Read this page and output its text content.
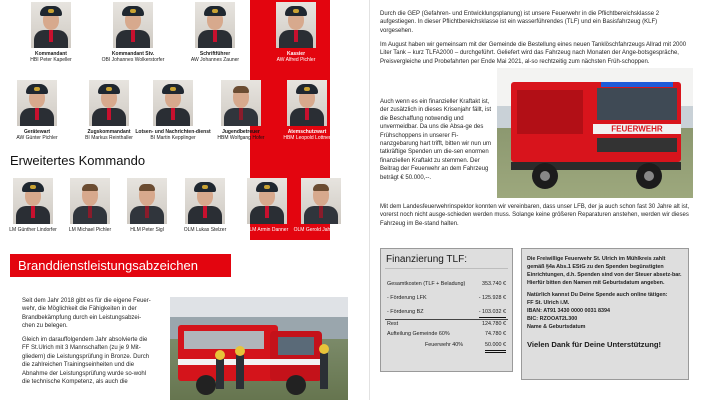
Kommandant
HBI Peter Kapeller
Kommandant Stv.
OBI Johannes Wolkerstorfer
Schriftführer
AW Johannes Zauner
Kassier
AW Alfred Pichler
Gerätewart
AW Günter Pichler
Zugskommandant
BI Markus Reinthaller
Lotsen- und Nachrichten-dienst
BI Martin Kepplinger
Jugendbetreuer
HBM Wolfgang Hofer
Atemschutzwart
HBM Leopold Lottner
Erweitertes Kommando
LM Günther Lindorfer	LM Michael Pichler	HLM Peter Sigl	OLM Lukas Stelzer	HLM Armin Danner	OLM Gerold Jahrlbacher
Branddienstleistungsabzeichen
Seit dem Jahr 2018 gibt es für die eigene Feuer-wehr, die Möglichkeit die Fähigkeiten in der Brandbekämpfung durch ein Leistungsabzei-chen zu belegen.
Gleich im darauffolgendem Jahr absolvierte die FF St.Ulrich mit 3 Mannschaften (zu je 9 Mit-gliedern) die Leistungsprüfung in Bronze. Durch die zahlreichen Trainingseinheiten und die Abnahme der Leistungsprüfung wurde so-wohl die technische Kompetenz, als auch die
Durch die GEP (Gefahren- und Entwicklungsplanung) ist unsere Feuerwehr in die Pflichtbereichsklasse 2 aufgestiegen. In dieser Pflichtbereichsklasse ist ein wasserführendes (TLF) und ein Basisfahrzeug (KLF) vorgesehen.
Im August haben wir gemeinsam mit der Gemeinde die Bestellung eines neuen Tanklöschfahrzeugs Allrad mit 2000 Liter Tank – kurz TLFA2000 – durchgeführt. Geliefert wird das Fahrzeug nach Monaten der Ange-botsgespräche, Preisvergleiche und Probefahrten per Ende Mai 2021, al-so rechtzeitig zum nächsten Früh-schoppen.
Auch wenn es ein finanzieller Kraftakt ist, der zusätzlich in dieses Krisenjahr fällt, ist die Beschaffung notwendig und unvermeidbar. Da uns die Absa-ge des Frühschoppens in unserer Fi-nanzgebarung hart trifft, bitten wir nun um tatkräftige Spenden um die-sen enormen finanziellen Kraftakt zu stemmen. Der Beitrag der Feuerwehr an dem Fahrzeug beträgt € 50.000,--.
Mit dem Landesfeuerwehrinspektor konnten wir vereinbaren, dass unser LFB, der ja auch schon fast 30 Jahre alt ist, vorerst noch nicht ausge-schieden werden muss. Solange keine größeren Reparaturen anstehen, werden wir dieses Fahrzeug im Be-stand halten.
FEUERWEHR
Finanzierung TLF:
Gesamtkosten (TLF + Beladung)	353.740 €
- Förderung LFK	- 125.928 €
- Förderung BZ	- 103.032 €
Rest	124.780 €
Aufteilung Gemeinde 60%	74.780 €
Feuerwehr 40%	50.000 €
Die Freiwillige Feuerwehr St. Ulrich im Mühlkreis zahlt gemäß §4a Abs.1 EStG zu den Spenden begünstigten Einrichtungen, d.h. Spenden sind von der Steuer absetz-bar. Hierfür bitten den Namen mit Geburtsdatum angeben.
Natürlich kannst Du Deine Spende auch online tätigen:
FF St. Ulrich i.M.
IBAN: AT91 3430 0000 0031 8394
BIC: RZOOAT2L300
Name & Geburtsdatum
Vielen Dank für Deine Unterstützung!
